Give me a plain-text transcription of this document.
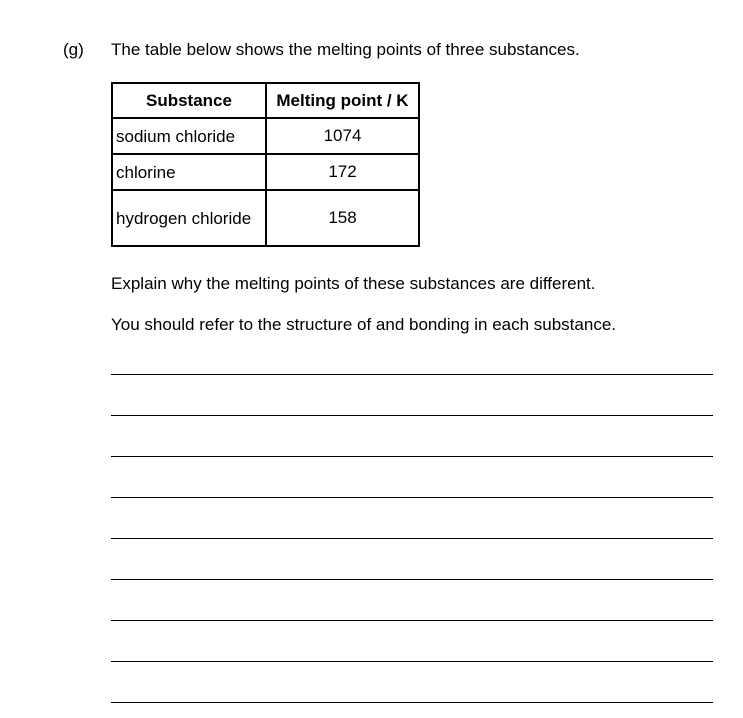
(g) The table below shows the melting points of three substances.
Substance	Melting point / K
sodium chloride	1074
chlorine	172
hydrogen chloride	158
Explain why the melting points of these substances are different.
You should refer to the structure of and bonding in each substance.
